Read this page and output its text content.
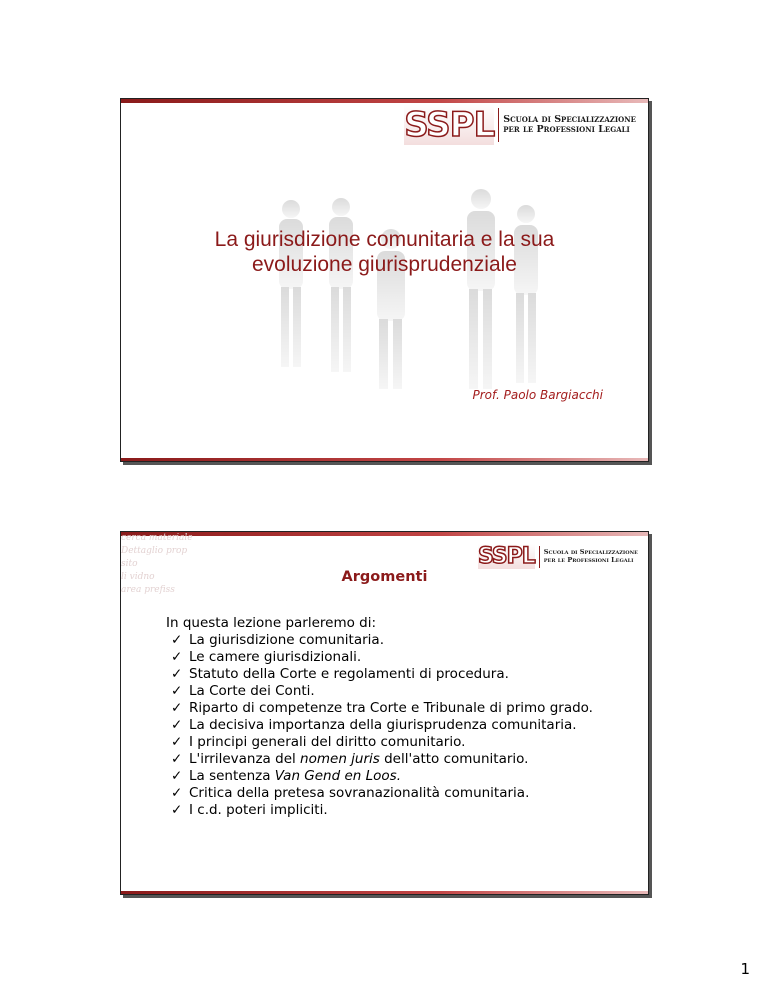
SSPL Scuola di Specializzazione
per le Professioni Legali
La giurisdizione comunitaria e la sua
evoluzione giurisprudenziale
Prof. Paolo Bargiacchi
cerca materiale
Dettaglio prop
sito
li vidno
area prefiss
SSPL Scuola di Specializzazione
per le Professioni Legali
Argomenti
In questa lezione parleremo di:
✓ La giurisdizione comunitaria.
✓ Le camere giurisdizionali.
✓ Statuto della Corte e regolamenti di procedura.
✓ La Corte dei Conti.
✓ Riparto di competenze tra Corte e Tribunale di primo grado.
✓ La decisiva importanza della giurisprudenza comunitaria.
✓ I principi generali del diritto comunitario.
✓ L'irrilevanza del nomen juris dell'atto comunitario.
✓ La sentenza Van Gend en Loos.
✓ Critica della pretesa sovranazionalità comunitaria.
✓ I c.d. poteri impliciti.
1
